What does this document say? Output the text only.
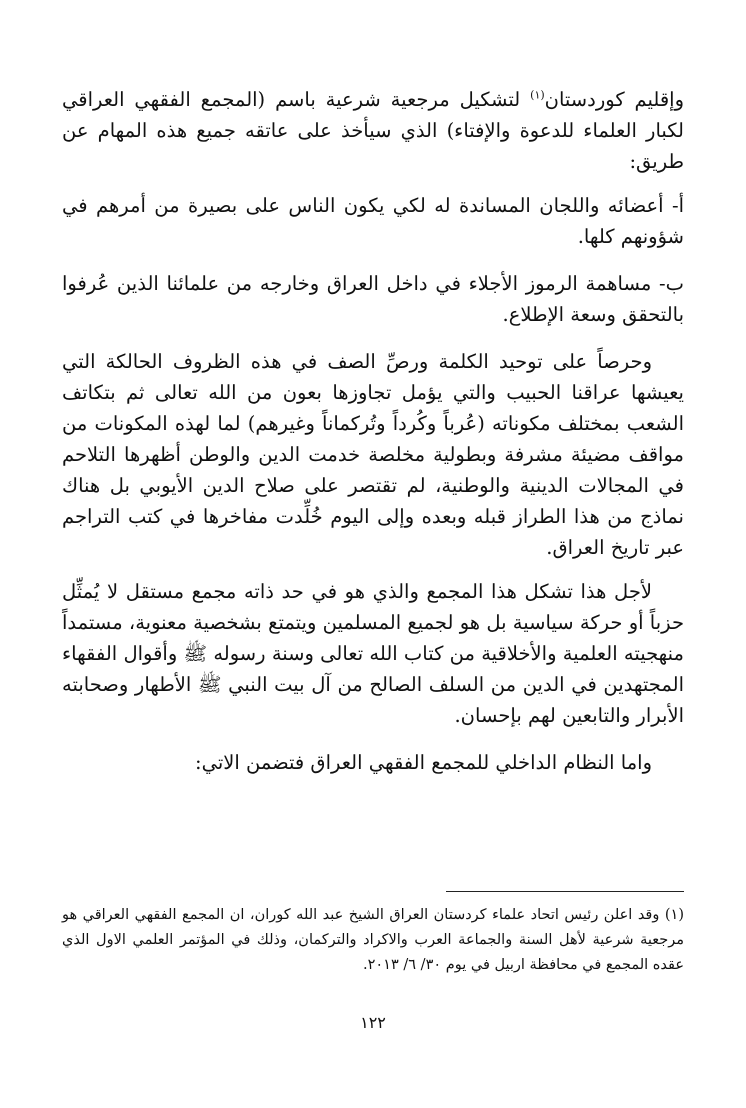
وإقليم كوردستان$^{(١)}$ لتشكيل مرجعية شرعية باسم (المجمع الفقهي العراقي لكبار العلماء للدعوة والإفتاء) الذي سيأخذ على عاتقه جميع هذه المهام عن طريق:

أ- أعضائه واللجان المساندة له لكي يكون الناس على بصيرة من أمرهم في شؤونهم كلها.

ب- مساهمة الرموز الأجلاء في داخل العراق وخارجه من علمائنا الذين عُرفوا بالتحقق وسعة الإطلاع.

وحرصاً على توحيد الكلمة ورصِّ الصف في هذه الظروف الحالكة التي يعيشها عراقنا الحبيب والتي يؤمل تجاوزها بعون من الله تعالى ثم بتكاتف الشعب بمختلف مكوناته (عُرباً وكُرداً وتُركماناً وغيرهم) لما لهذه المكونات من مواقف مضيئة مشرفة وبطولية مخلصة خدمت الدين والوطن أظهرها التلاحم في المجالات الدينية والوطنية، لم تقتصر على صلاح الدين الأيوبي بل هناك نماذج من هذا الطراز قبله وبعده وإلى اليوم خُلِّدت مفاخرها في كتب التراجم عبر تاريخ العراق.

لأجل هذا تشكل هذا المجمع والذي هو في حد ذاته مجمع مستقل لا يُمثِّل حزباً أو حركة سياسية بل هو لجميع المسلمين ويتمتع بشخصية معنوية، مستمداً منهجيته العلمية والأخلاقية من كتاب الله تعالى وسنة رسوله ﷺ وأقوال الفقهاء المجتهدين في الدين من السلف الصالح من آل بيت النبي ﷺ الأطهار وصحابته الأبرار والتابعين لهم بإحسان.

واما النظام الداخلي للمجمع الفقهي العراق فتضمن الاتي:

(١) وقد اعلن رئيس اتحاد علماء كردستان العراق الشيخ عبد الله كوران، ان المجمع الفقهي العراقي هو مرجعية شرعية لأهل السنة والجماعة العرب والاكراد والتركمان، وذلك في المؤتمر العلمي الاول الذي عقده المجمع في محافظة اربيل في يوم ٣٠/ ٦/ ٢٠١٣.
١٢٢
